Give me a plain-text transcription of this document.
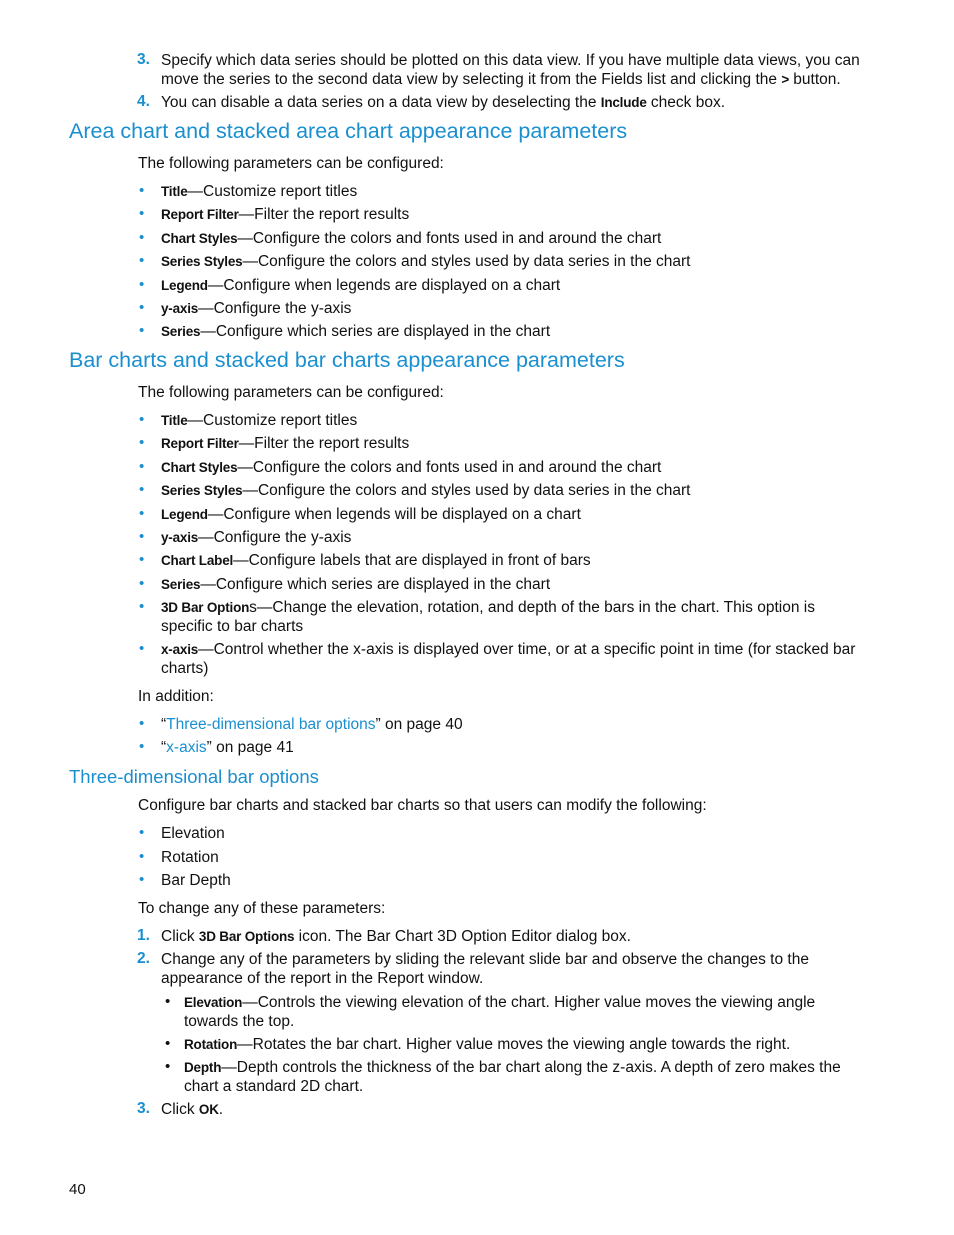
3. Specify which data series should be plotted on this data view. If you have multiple data views, you can
move the series to the second data view by selecting it from the Fields list and clicking the > button.
4. You can disable a data series on a data view by deselecting the Include check box.
Area chart and stacked area chart appearance parameters
The following parameters can be configured:
• Title—Customize report titles
• Report Filter—Filter the report results
• Chart Styles—Configure the colors and fonts used in and around the chart
• Series Styles—Configure the colors and styles used by data series in the chart
• Legend—Configure when legends are displayed on a chart
• y-axis—Configure the y-axis
• Series—Configure which series are displayed in the chart
Bar charts and stacked bar charts appearance parameters
The following parameters can be configured:
• Title—Customize report titles
• Report Filter—Filter the report results
• Chart Styles—Configure the colors and fonts used in and around the chart
• Series Styles—Configure the colors and styles used by data series in the chart
• Legend—Configure when legends will be displayed on a chart
• y-axis—Configure the y-axis
• Chart Label—Configure labels that are displayed in front of bars
• Series—Configure which series are displayed in the chart
• 3D Bar Options—Change the elevation, rotation, and depth of the bars in the chart. This option is
specific to bar charts
• x-axis—Control whether the x-axis is displayed over time, or at a specific point in time (for stacked bar
charts)
In addition:
• “Three-dimensional bar options” on page 40
• “x-axis” on page 41
Three-dimensional bar options
Configure bar charts and stacked bar charts so that users can modify the following:
• Elevation
• Rotation
• Bar Depth
To change any of these parameters:
1. Click 3D Bar Options icon. The Bar Chart 3D Option Editor dialog box.
2. Change any of the parameters by sliding the relevant slide bar and observe the changes to the
appearance of the report in the Report window.
• Elevation—Controls the viewing elevation of the chart. Higher value moves the viewing angle
towards the top.
• Rotation—Rotates the bar chart. Higher value moves the viewing angle towards the right.
• Depth—Depth controls the thickness of the bar chart along the z-axis. A depth of zero makes the
chart a standard 2D chart.
3. Click OK.
40
